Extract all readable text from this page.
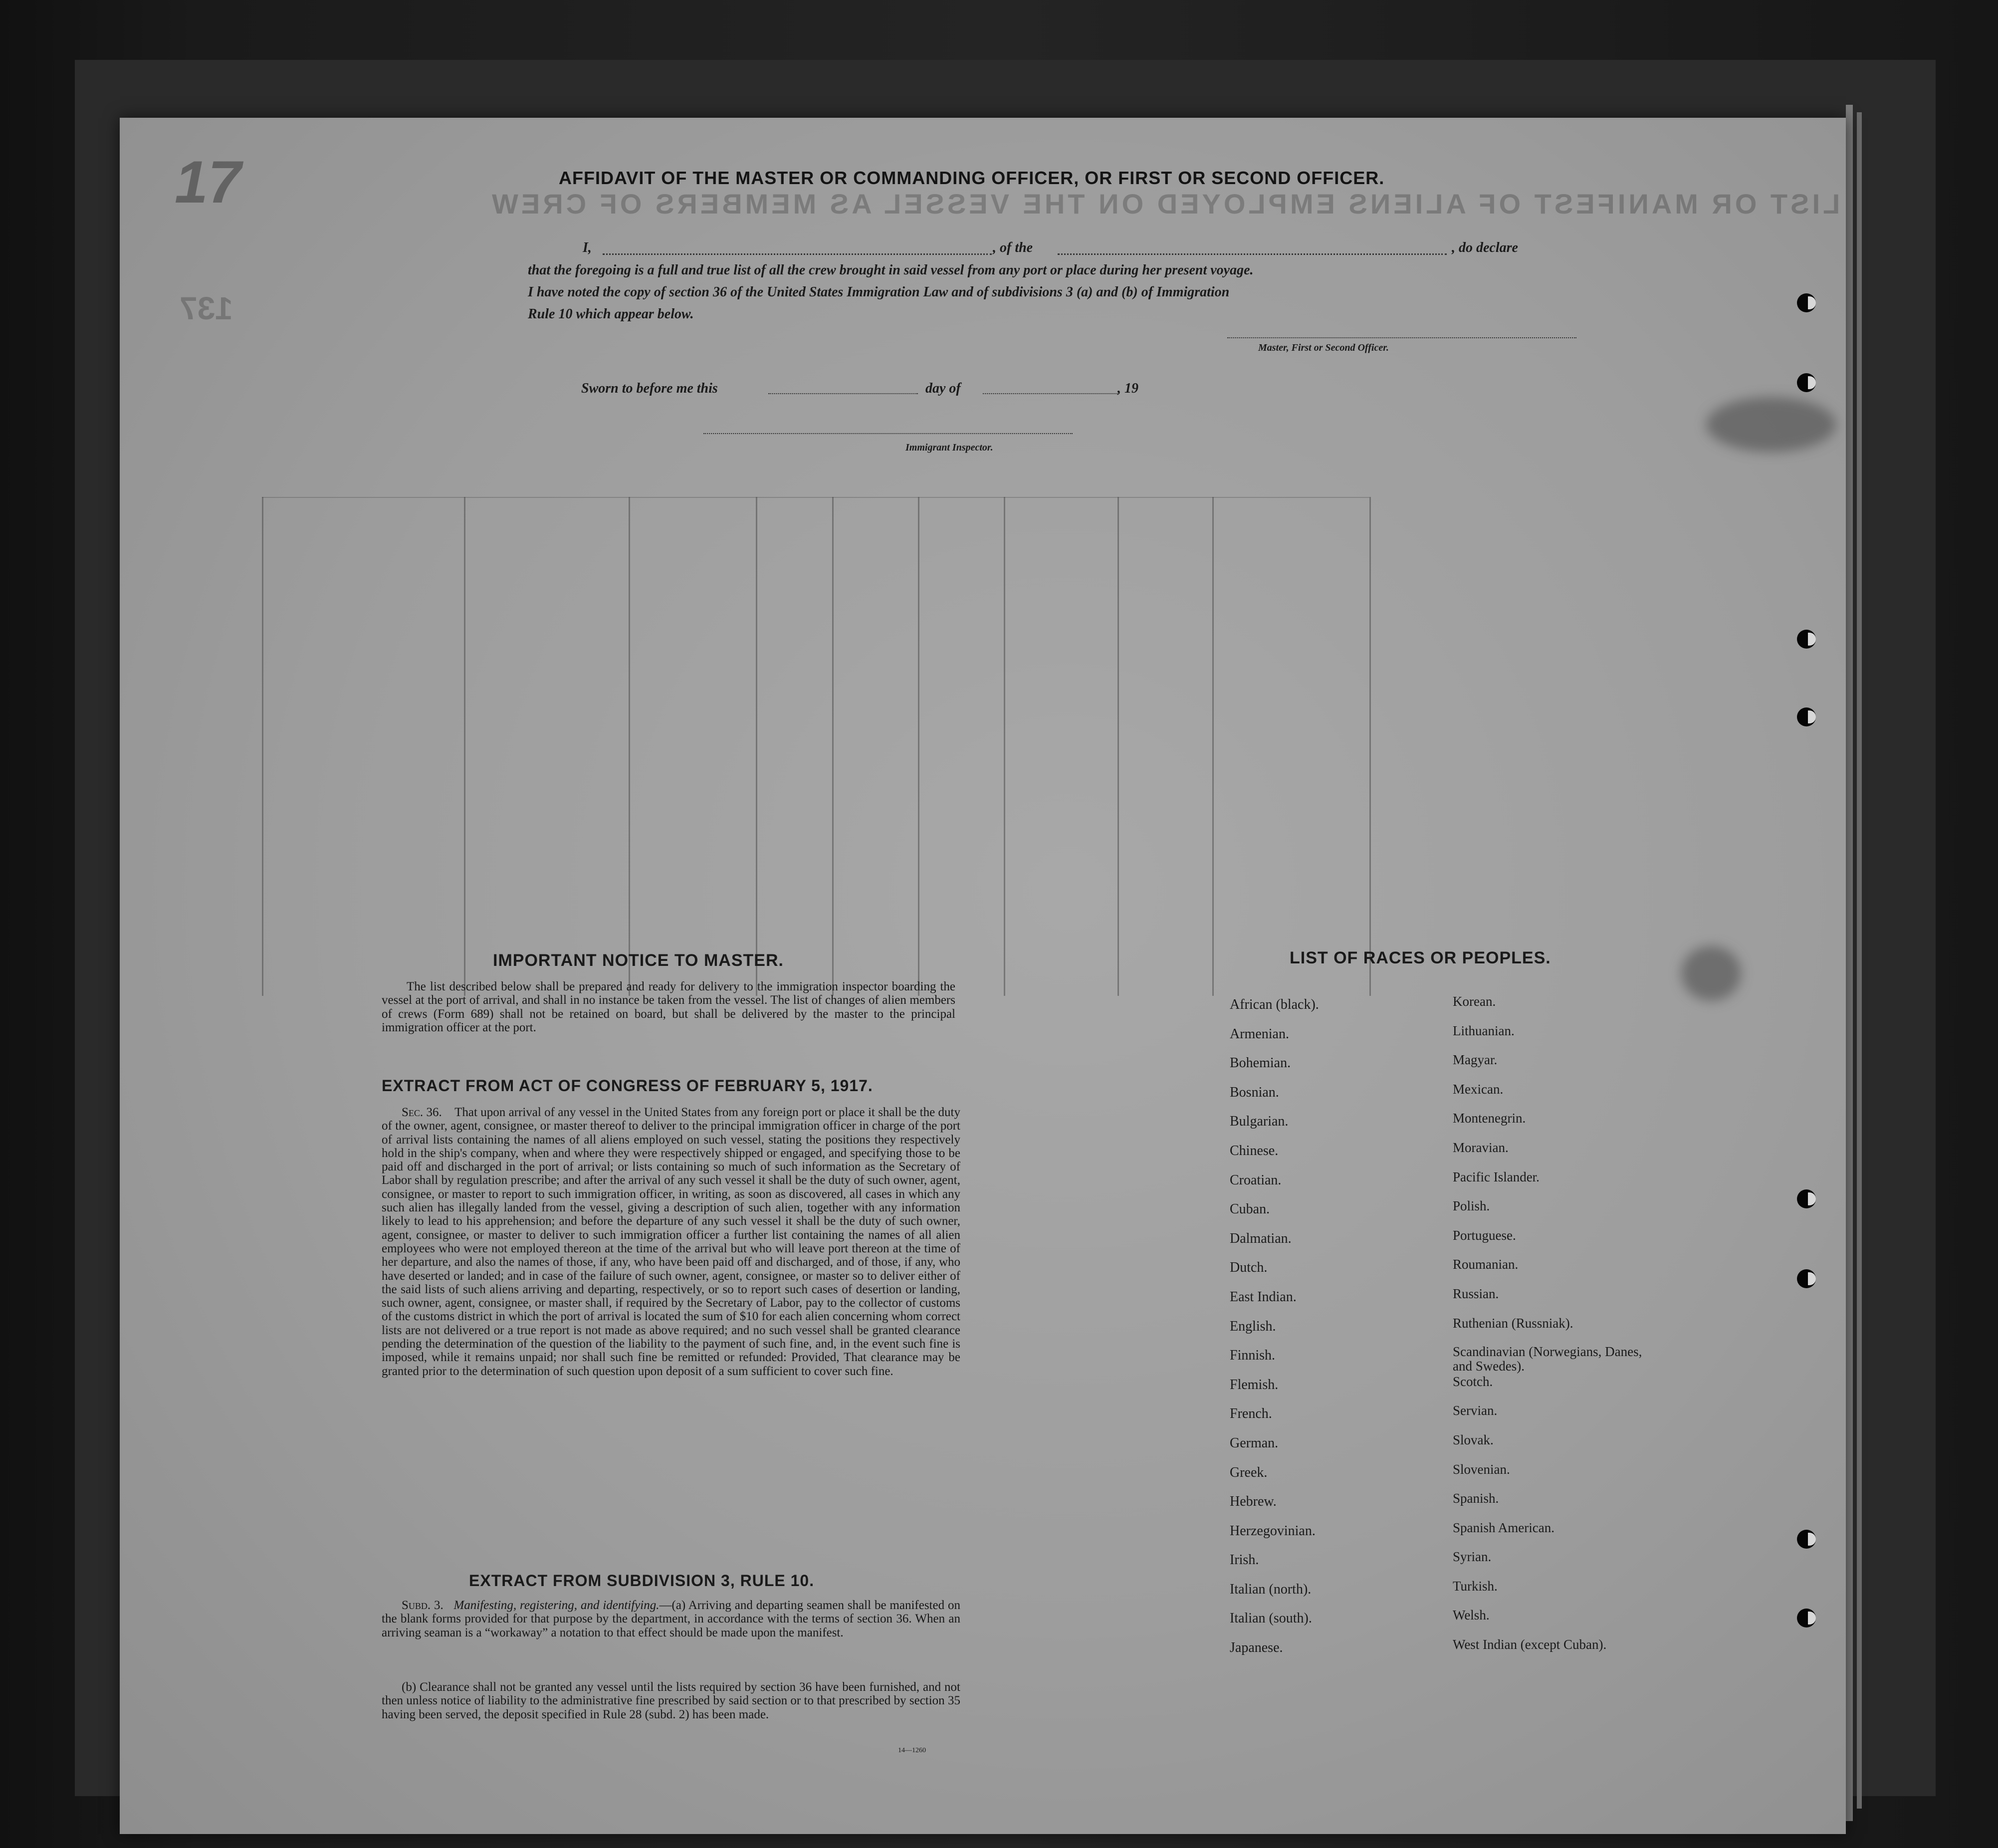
17	LIST OR MANIFEST OF ALIENS EMPLOYED ON THE VESSEL AS MEMBERS OF CREW
137
AFFIDAVIT OF THE MASTER OR COMMANDING OFFICER, OR FIRST OR SECOND OFFICER.
I,	, of the	, do declare
that the foregoing is a full and true list of all the crew brought in said vessel from any port or place during her present voyage.
I have noted the copy of section 36 of the United States Immigration Law and of subdivisions 3 (a) and (b) of Immigration
Rule 10 which appear below.
Master, First or Second Officer.
Sworn to before me this	day of	, 19
Immigrant Inspector.
IMPORTANT NOTICE TO MASTER.
The list described below shall be prepared and ready for delivery to the immigration inspector boarding the vessel at the port of arrival, and shall in no instance be taken from the vessel. The list of changes of alien members of crews (Form 689) shall not be retained on board, but shall be delivered by the master to the principal immigration officer at the port.
EXTRACT FROM ACT OF CONGRESS OF FEBRUARY 5, 1917.
Sec. 36. That upon arrival of any vessel in the United States from any foreign port or place it shall be the duty of the owner, agent, consignee, or master thereof to deliver to the principal immigration officer in charge of the port of arrival lists containing the names of all aliens employed on such vessel, stating the positions they respectively hold in the ship's company, when and where they were respectively shipped or engaged, and specifying those to be paid off and discharged in the port of arrival; or lists containing so much of such information as the Secretary of Labor shall by regulation prescribe; and after the arrival of any such vessel it shall be the duty of such owner, agent, consignee, or master to report to such immigration officer, in writing, as soon as discovered, all cases in which any such alien has illegally landed from the vessel, giving a description of such alien, together with any information likely to lead to his apprehension; and before the departure of any such vessel it shall be the duty of such owner, agent, consignee, or master to deliver to such immigration officer a further list containing the names of all alien employees who were not employed thereon at the time of the arrival but who will leave port thereon at the time of her departure, and also the names of those, if any, who have been paid off and discharged, and of those, if any, who have deserted or landed; and in case of the failure of such owner, agent, consignee, or master so to deliver either of the said lists of such aliens arriving and departing, respectively, or so to report such cases of desertion or landing, such owner, agent, consignee, or master shall, if required by the Secretary of Labor, pay to the collector of customs of the customs district in which the port of arrival is located the sum of $10 for each alien concerning whom correct lists are not delivered or a true report is not made as above required; and no such vessel shall be granted clearance pending the determination of the question of the liability to the payment of such fine, and, in the event such fine is imposed, while it remains unpaid; nor shall such fine be remitted or refunded: Provided, That clearance may be granted prior to the determination of such question upon deposit of a sum sufficient to cover such fine.
EXTRACT FROM SUBDIVISION 3, RULE 10.
Subd. 3. Manifesting, registering, and identifying.—(a) Arriving and departing seamen shall be manifested on the blank forms provided for that purpose by the department, in accordance with the terms of section 36. When an arriving seaman is a “workaway” a notation to that effect should be made upon the manifest.
(b) Clearance shall not be granted any vessel until the lists required by section 36 have been furnished, and not then unless notice of liability to the administrative fine prescribed by said section or to that prescribed by section 35 having been served, the deposit specified in Rule 28 (subd. 2) has been made.
14—1260
LIST OF RACES OR PEOPLES.
African (black).
Armenian.
Bohemian.
Bosnian.
Bulgarian.
Chinese.
Croatian.
Cuban.
Dalmatian.
Dutch.
East Indian.
English.
Finnish.
Flemish.
French.
German.
Greek.
Hebrew.
Herzegovinian.
Irish.
Italian (north).
Italian (south).
Japanese.
Korean.
Lithuanian.
Magyar.
Mexican.
Montenegrin.
Moravian.
Pacific Islander.
Polish.
Portuguese.
Roumanian.
Russian.
Ruthenian (Russniak).
Scandinavian (Norwegians, Danes, and Swedes).
Scotch.
Servian.
Slovak.
Slovenian.
Spanish.
Spanish American.
Syrian.
Turkish.
Welsh.
West Indian (except Cuban).
